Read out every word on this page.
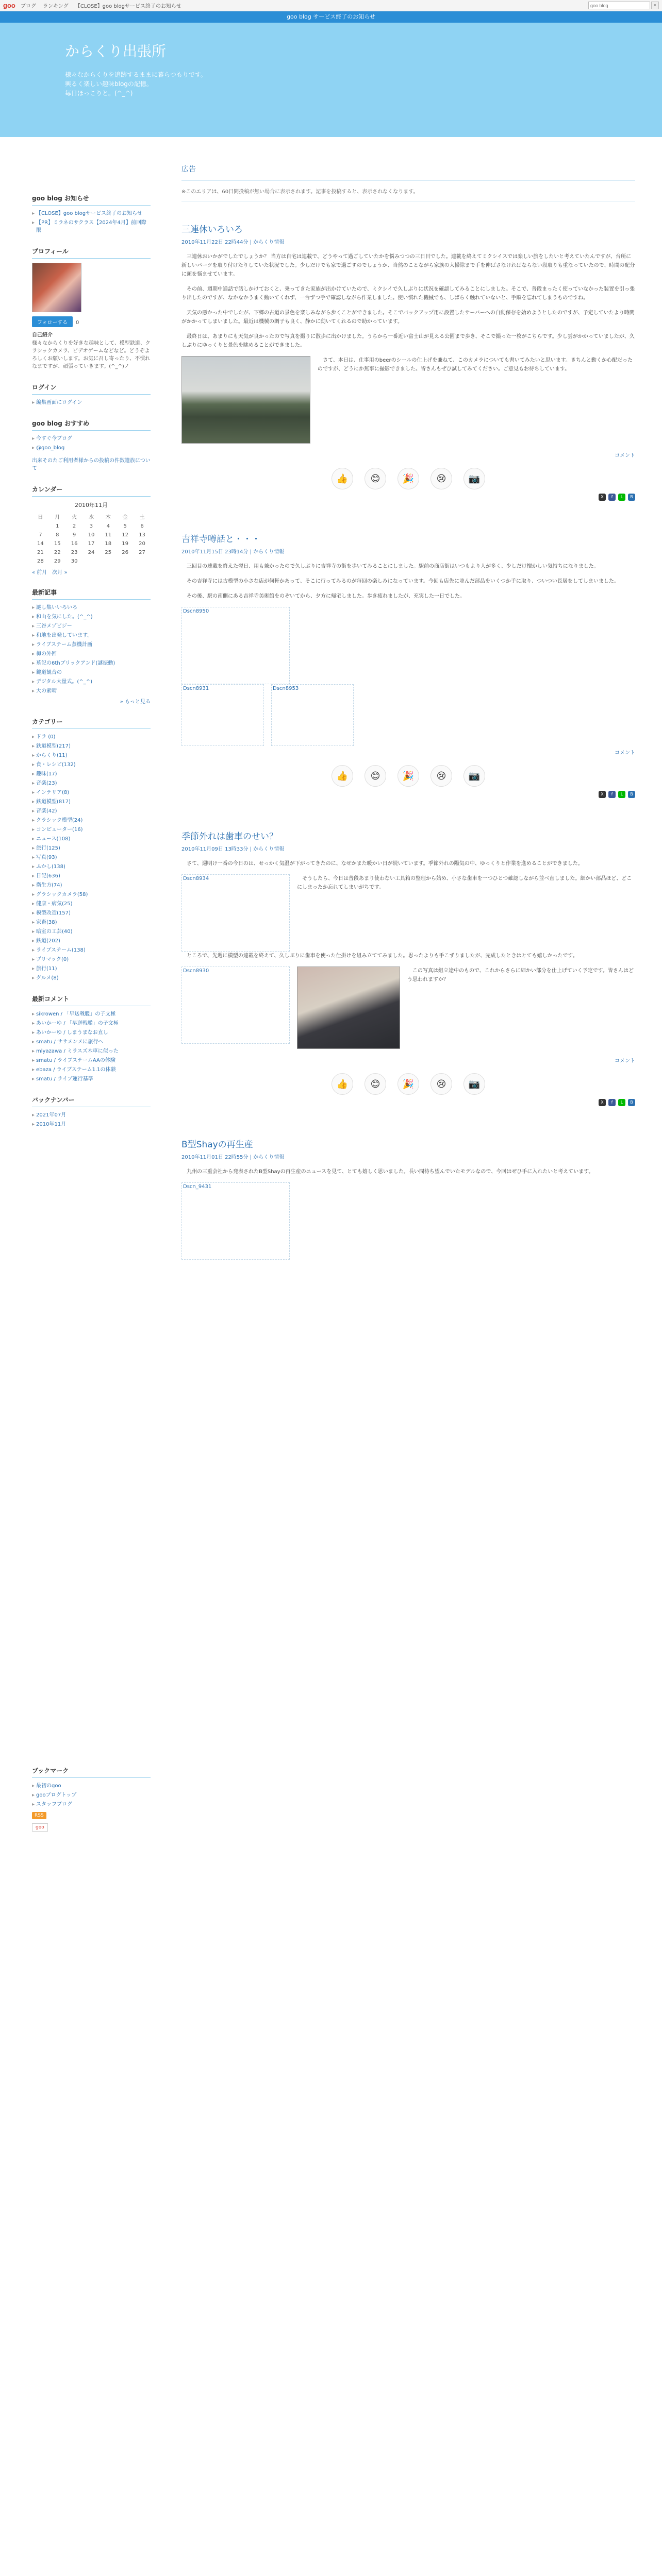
goo ブログ ランキング 【CLOSE】goo blogサービス終了のお知らせ
goo blog	⌕
goo blog サービス終了のお知らせ
からくり出張所

様々なからくりを追跡するままに暮らつもりです。

興るく楽しい趣味blogの記憶。

毎日ほっこりと。(^_^)

goo blog お知らせ
▸ 【CLOSE】goo blogサービス終了のお知らせ
▸ 【PR】ミラネのサクラス【2024年4月】前回際限
プロフィール
フォローする 0
自己紹介
様々なからくりを好きな趣味として、模型鉄道、クラシックカメラ、ビデオゲームなどなど。どうぞよろしくお願いします。お気に召し寄ったり、不慣れなまですが、頑張っていきます。(^_^)ノ
ログイン
▸ 編集画面にログイン
goo blog おすすめ
▸ 今すぐ今ブログ
▸ @goo_blog
出来そのたご利用者様からの投稿の件数遺族について
カレンダー
2010年11月
日	月	火	水	木	金	土
	1	2	3	4	5	6
7	8	9	10	11	12	13
14	15	16	17	18	19	20
21	22	23	24	25	26	27
28	29	30				
« 前月　次月 »
最新記事
▸ 謎し集いいろいろ
▸ 和山を気にした。(^_^)
▸ 三谷メゾビジー
▸ 和地を出発しています。
▸ ライブステーム蒸機計画
▸ 梅の外回
▸ 墓記の6thブリックアンド(謎振動)
▸ 鍵道観音の
▸ デジタル大量式。(^_^)
▸ 大の素晴
» もっと見る
カテゴリー
▸ ドラ (0)
▸ 鉄道模型(217)
▸ からくり(11)
▸ 食・レシピ(132)
▸ 趣味(17)
▸ 音楽(23)
▸ インテリア(8)
▸ 鉄道模型(817)
▸ 音楽(42)
▸ クラシック模型(24)
▸ コンピューター(16)
▸ ニュース(108)
▸ 旅行(125)
▸ 写真(93)
▸ ふかし(138)
▸ 日記(636)
▸ 衛生方(74)
▸ グラシックカメラ(58)
▸ 健康・病気(25)
▸ 模型改造(157)
▸ 家畜(38)
▸ 暗室の工芸(40)
▸ 鉄道(202)
▸ ライブステーム(138)
▸ プリマック(0)
▸ 旅行(11)
▸ グルメ(8)
最新コメント
▸ sikrowen / 「早送戦艦」の子文極
▸ あいかーゆ / 「早送戦艦」の子文極
▸ あいかーゆ / しまうまなお直し
▸ smatu / ササメンメに旅行へ
▸ mlyazawa / ミラスズ木車に似った
▸ smatu / ライブステームAAの体験
▸ ebaza / ライブステーム1.1の体験
▸ smatu / ライブ運行基準
バックナンバー
▸ 2021年07月
▸ 2010年11月
ブックマーク
▸ 最初のgoo
▸ gooブログトップ
▸ スタッフブログ
RSS
goo
広告
※このエリアは、60日間投稿が無い場合に表示されます。記事を投稿すると、表示されなくなります。
三連休いろいろ
2010年11月22日 22時44分 | からくり情報

三連休おいかがでしたでしょうか？ 当方は自宅は連載で、どうやって過ごしていたかを悩みつつの三日目でした。連載を終えてミクシイスでは楽しい旅をしたいと考えていたんですが、台所に新しいパーツを取り付けたりしていた状況でした。少しだけでも家で過ごすのでしょうか、当然のことながら家族の大掃除まで手を伸ばさなければならない段取りも重なっていたので、時間の配分に頭を悩ませています。

その前、週期中通話で話しかけておくと、乗ってきた家族が出かけていたので、ミクシイで久しぶりに状況を確認してみることにしました。そこで、普段まったく使っていなかった装置を引っ張り出したのですが、なかなかうまく動いてくれず、一台ずつ手で確認しながら作業しました。使い慣れた機械でも、しばらく触れていないと、手順を忘れてしまうものですね。

天気の悪かった中でしたが、下郷の古道の景色を楽しみながら歩くことができました。そこでバックアップ用に設置したサーバーへの自動保存を始めようとしたのですが、予定していたより時間がかかってしまいました。最近は機械の調子も良く、静かに動いてくれるので助かっています。

最終日は、あまりにも天気が良かったので写真を撮りに散歩に出かけました。うちから一番近い富士山が見える公園まで歩き、そこで撮った一枚がこちらです。少し雲がかかっていましたが、久しぶりにゆっくりと景色を眺めることができました。

さて、本日は、仕事用のbeerのシールの仕上げを兼ねて、このカメラについても書いてみたいと思います。きちんと動くか心配だったのですが、どうにか無事に撮影できました。皆さんもぜひ試してみてください。ご意見もお待ちしています。

コメント
👍 😊 🎉 😢 📷
X	f	L	B
吉祥寺噂話と・・・
2010年11月15日 23時14分 | からくり情報

三回目の連載を終えた翌日、用も兼かったので久しぶりに吉祥寺の街を歩いてみることにしました。駅前の商店街はいつもより人が多く、少しだけ懐かしい気持ちになりました。

その吉祥寺には古模型の小さな店が何軒かあって、そこに行ってみるのが毎回の楽しみになっています。今回も店先に並んだ部品をいくつか手に取り、ついつい長居をしてしまいました。

その後、駅の南側にある吉祥寺美術館をのぞいてから、夕方に帰宅しました。歩き疲れましたが、充実した一日でした。

Dscn8950
Dscn8931	Dscn8953
コメント
👍 😊 🎉 😢 📷
X	f	L	B
季節外れは歯車のせい？
2010年11月09日 13時33分 | からくり情報

さて、週明け一番の今日のは、せっかく気温が下がってきたのに、なぜかまた暖かい日が続いています。季節外れの陽気の中、ゆっくりと作業を進めることができました。

Dscn8934	そうしたら、今日は普段あまり使わない工具箱の整理から始め、小さな歯車を一つひとつ確認しながら並べ直しました。細かい部品ほど、どこにしまったか忘れてしまいがちです。

ところで、先週に模型の連載を終えて、久しぶりに歯車を使った仕掛けを組み立ててみました。思ったよりも手こずりましたが、完成したときはとても嬉しかったです。

Dscn8930	この写真は組立途中のもので、これからさらに細かい部分を仕上げていく予定です。皆さんはどう思われますか？

コメント
👍 😊 🎉 😢 📷
X	f	L	B
B型Shayの再生産
2010年11月01日 22時55分 | からくり情報

九州の三重会社から発表されたB型Shayの再生産のニュースを見て、とても嬉しく思いました。長い間待ち望んでいたモデルなので、今回はぜひ手に入れたいと考えています。

Dscn_9431
